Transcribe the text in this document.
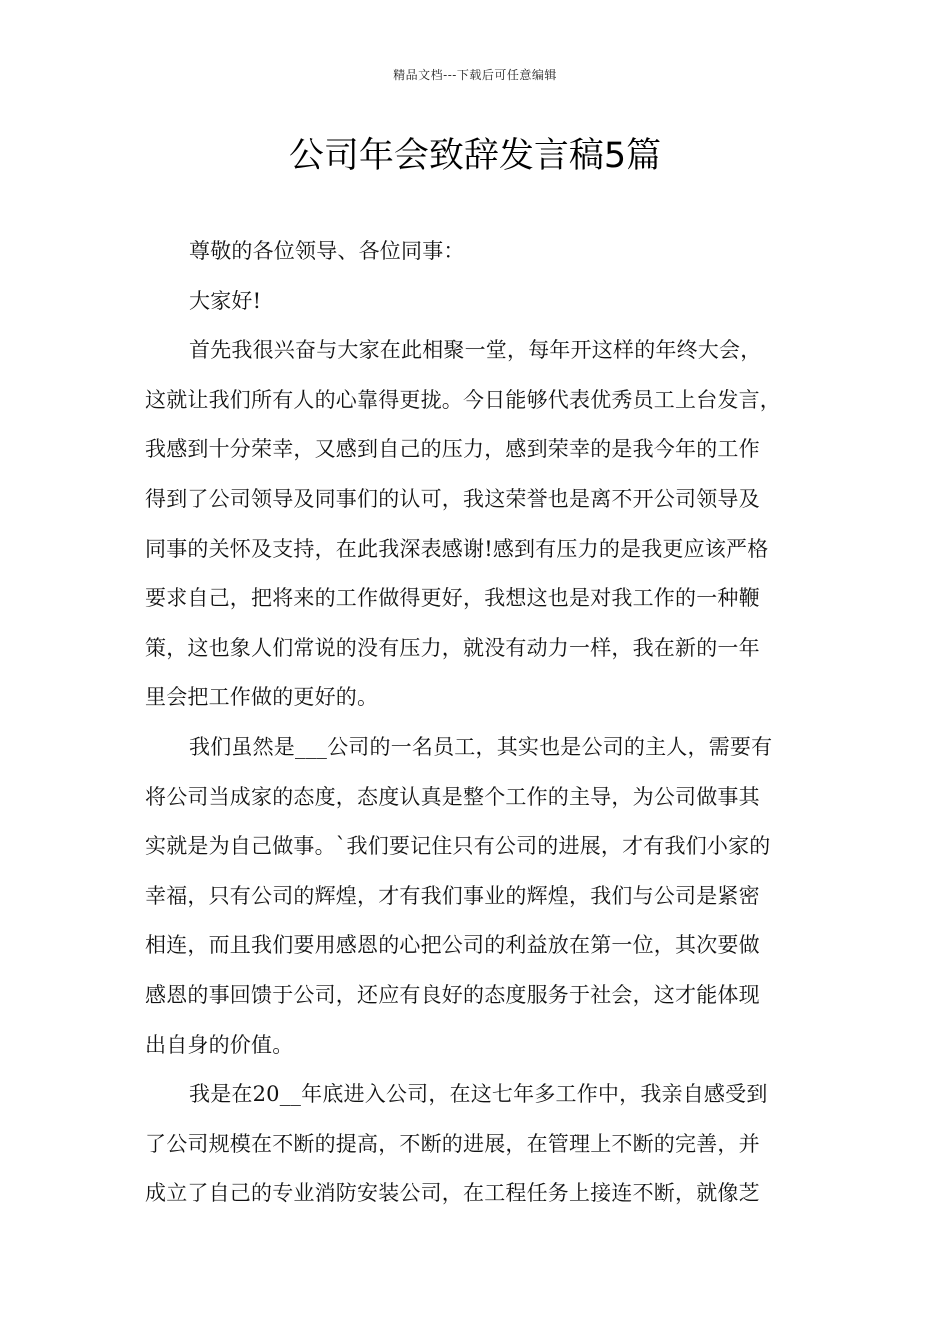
精品文档---下载后可任意编辑
公司年会致辞发言稿5篇
尊敬的各位领导、各位同事：
大家好!
首先我很兴奋与大家在此相聚一堂，每年开这样的年终大会，
这就让我们所有人的心靠得更拢。今日能够代表优秀员工上台发言，
我感到十分荣幸，又感到自己的压力，感到荣幸的是我今年的工作
得到了公司领导及同事们的认可，我这荣誉也是离不开公司领导及
同事的关怀及支持，在此我深表感谢!感到有压力的是我更应该严格
要求自己，把将来的工作做得更好，我想这也是对我工作的一种鞭
策，这也象人们常说的没有压力，就没有动力一样，我在新的一年
里会把工作做的更好的。
我们虽然是___公司的一名员工，其实也是公司的主人，需要有
将公司当成家的态度，态度认真是整个工作的主导，为公司做事其
实就是为自己做事。`我们要记住只有公司的进展，才有我们小家的
幸福，只有公司的辉煌，才有我们事业的辉煌，我们与公司是紧密
相连，而且我们要用感恩的心把公司的利益放在第一位，其次要做
感恩的事回馈于公司，还应有良好的态度服务于社会，这才能体现
出自身的价值。
我是在20__年底进入公司，在这七年多工作中，我亲自感受到
了公司规模在不断的提高，不断的进展，在管理上不断的完善，并
成立了自己的专业消防安装公司，在工程任务上接连不断，就像芝
